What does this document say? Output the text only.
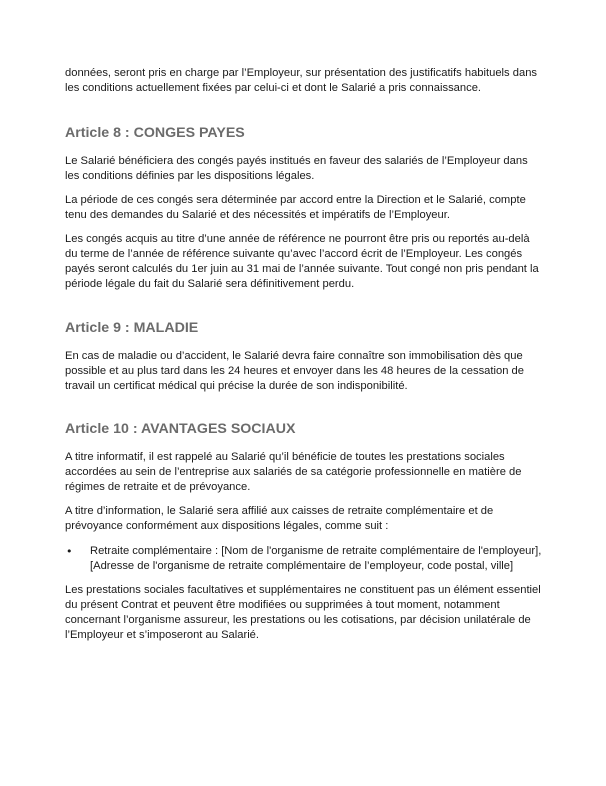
données, seront pris en charge par l’Employeur, sur présentation des justificatifs habituels dans les conditions actuellement fixées par celui-ci et dont le Salarié a pris connaissance.

Article 8 : CONGES PAYES

Le Salarié bénéficiera des congés payés institués en faveur des salariés de l’Employeur dans les conditions définies par les dispositions légales.

La période de ces congés sera déterminée par accord entre la Direction et le Salarié, compte tenu des demandes du Salarié et des nécessités et impératifs de l’Employeur.

Les congés acquis au titre d’une année de référence ne pourront être pris ou reportés au-delà du terme de l’année de référence suivante qu’avec l’accord écrit de l’Employeur. Les congés payés seront calculés du 1er juin au 31 mai de l’année suivante. Tout congé non pris pendant la période légale du fait du Salarié sera définitivement perdu.

Article 9 : MALADIE

En cas de maladie ou d’accident, le Salarié devra faire connaître son immobilisation dès que possible et au plus tard dans les 24 heures et envoyer dans les 48 heures de la cessation de travail un certificat médical qui précise la durée de son indisponibilité.

Article 10 : AVANTAGES SOCIAUX

A titre informatif, il est rappelé au Salarié qu’il bénéficie de toutes les prestations sociales accordées au sein de l’entreprise aux salariés de sa catégorie professionnelle en matière de régimes de retraite et de prévoyance.

A titre d’information, le Salarié sera affilié aux caisses de retraite complémentaire et de prévoyance conformément aux dispositions légales, comme suit :

•	Retraite complémentaire : [Nom de l'organisme de retraite complémentaire de l'employeur], [Adresse de l'organisme de retraite complémentaire de l’employeur, code postal, ville]

Les prestations sociales facultatives et supplémentaires ne constituent pas un élément essentiel du présent Contrat et peuvent être modifiées ou supprimées à tout moment, notamment concernant l’organisme assureur, les prestations ou les cotisations, par décision unilatérale de l’Employeur et s’imposeront au Salarié.
